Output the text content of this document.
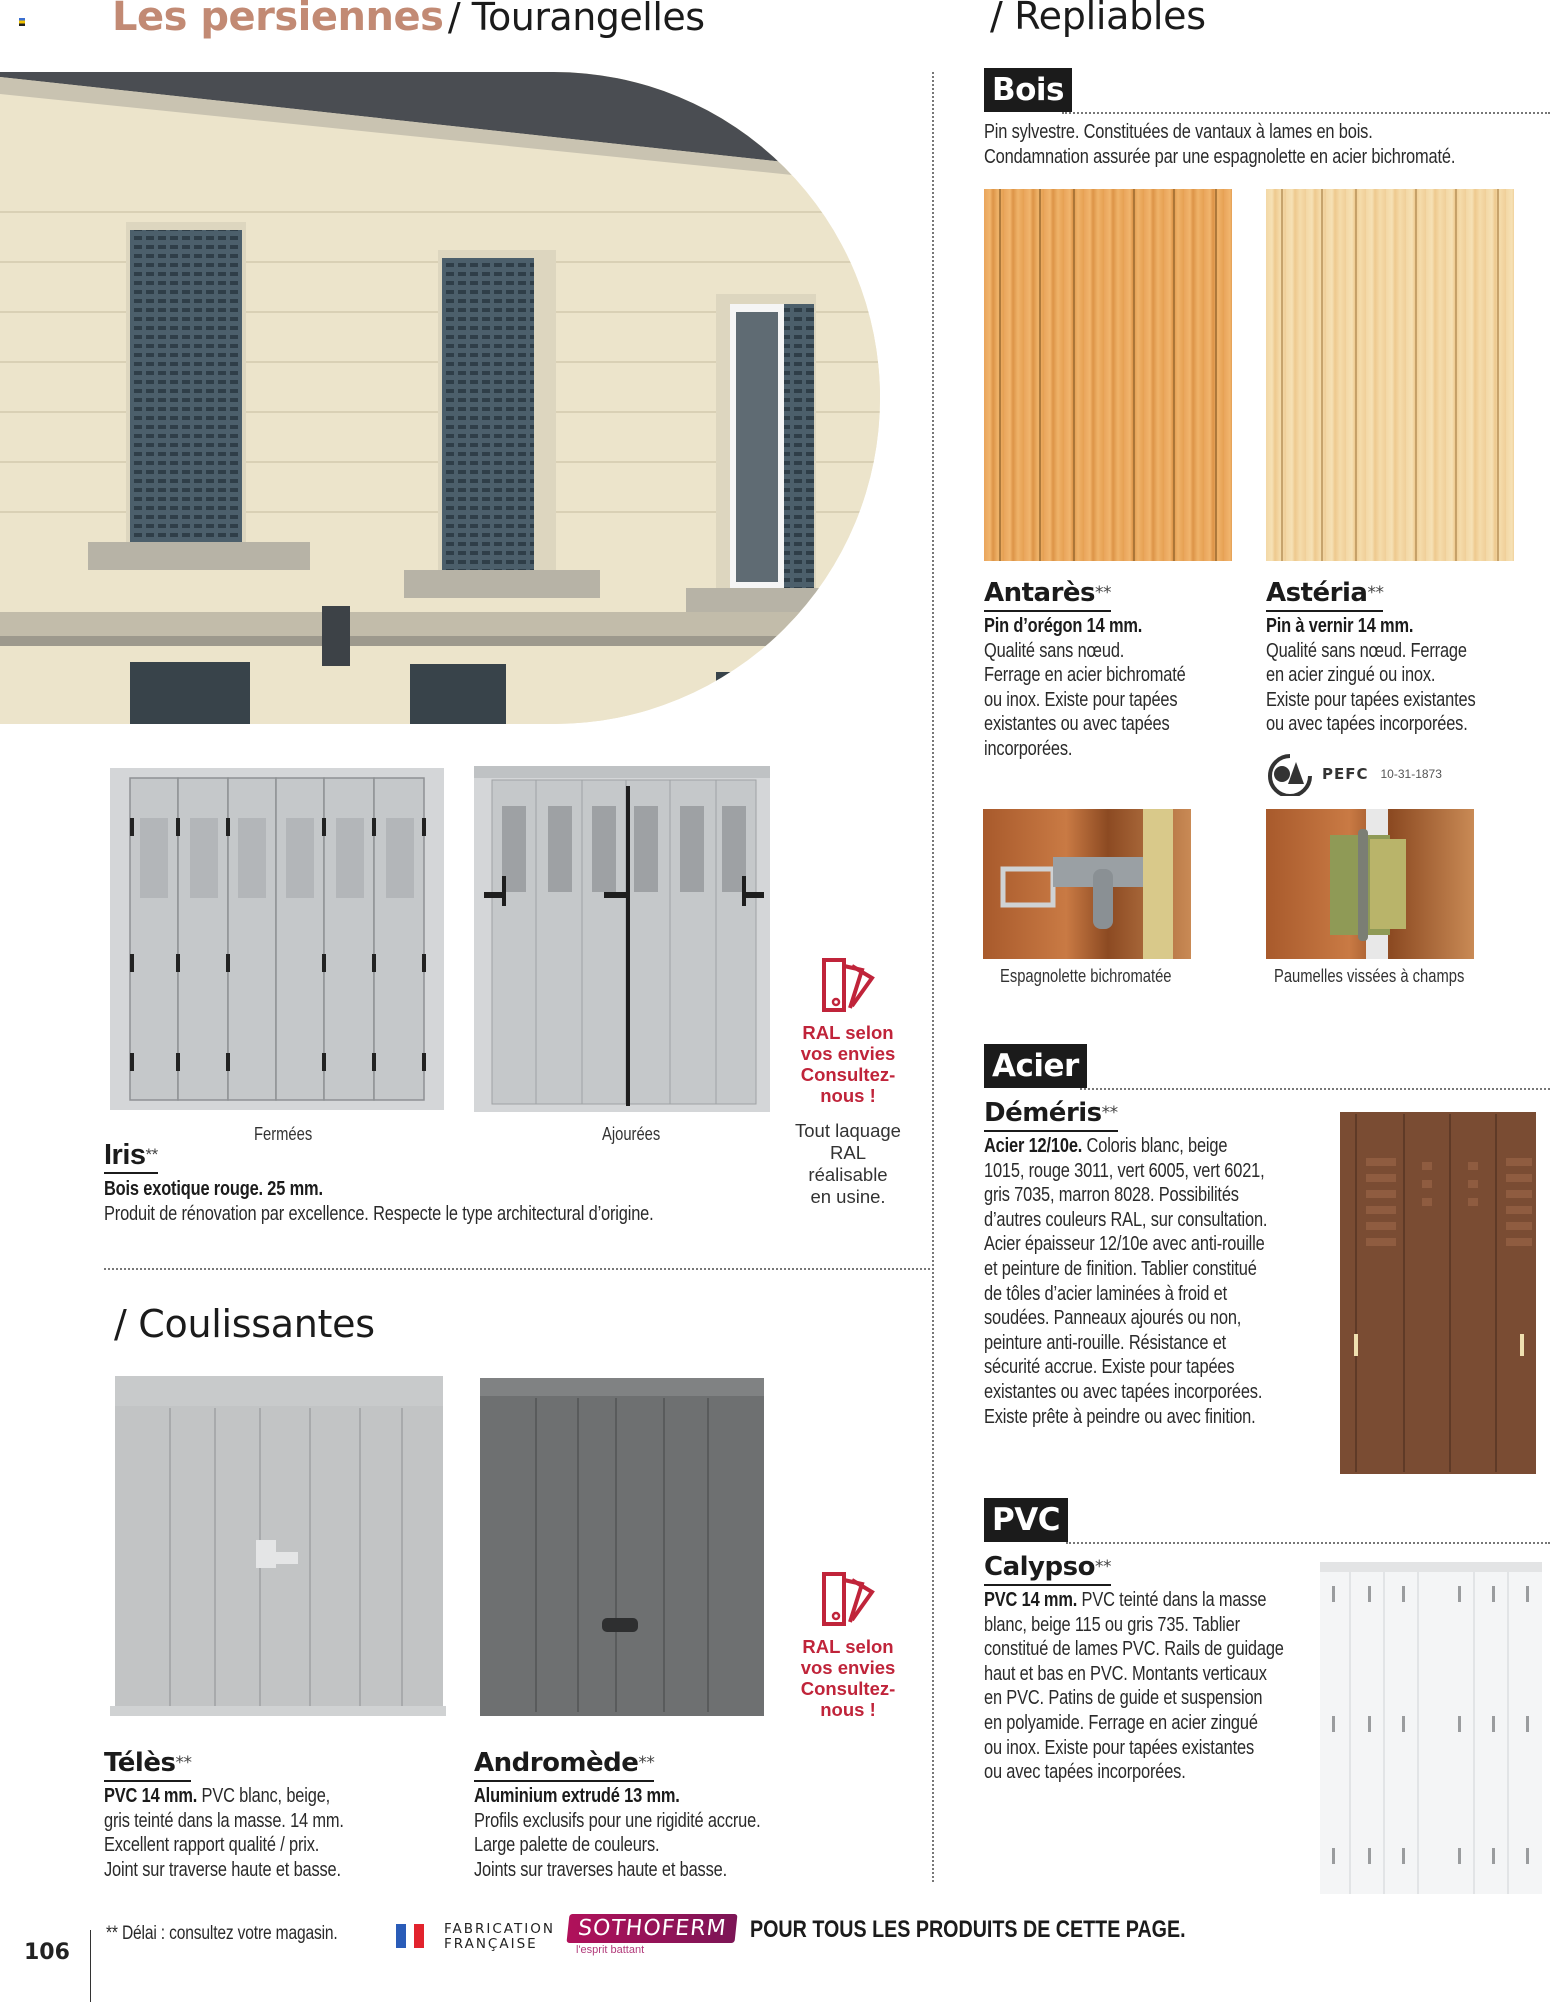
Les persiennes / Tourangelles
Fermées	Ajourées
Iris**
Bois exotique rouge. 25 mm.
Produit de rénovation par excellence. Respecte le type architectural d’origine.
RAL selon
vos envies
Consultez-
nous !
Tout laquage
RAL réalisable
en usine.
/ Coulissantes
Télès**
PVC 14 mm. PVC blanc, beige,
gris teinté dans la masse. 14 mm.
Excellent rapport qualité / prix.
Joint sur traverse haute et basse.
Andromède**
Aluminium extrudé 13 mm.
Profils exclusifs pour une rigidité accrue.
Large palette de couleurs.
Joints sur traverses haute et basse.
RAL selon
vos envies
Consultez-
nous !
/ Repliables
Bois
Pin sylvestre. Constituées de vantaux à lames en bois.
Condamnation assurée par une espagnolette en acier bichromaté.
Antarès**
Pin d’orégon 14 mm.
Qualité sans nœud.
Ferrage en acier bichromaté
ou inox. Existe pour tapées
existantes ou avec tapées
incorporées.
Astéria**
Pin à vernir 14 mm.
Qualité sans nœud. Ferrage
en acier zingué ou inox.
Existe pour tapées existantes
ou avec tapées incorporées.
PEFC 10-31-1873
Espagnolette bichromatée	Paumelles vissées à champs
Acier
Déméris**
Acier 12/10e. Coloris blanc, beige
1015, rouge 3011, vert 6005, vert 6021,
gris 7035, marron 8028. Possibilités
d’autres couleurs RAL, sur consultation.
Acier épaisseur 12/10e avec anti-rouille
et peinture de finition. Tablier constitué
de tôles d’acier laminées à froid et
soudées. Panneaux ajourés ou non,
peinture anti-rouille. Résistance et
sécurité accrue. Existe pour tapées
existantes ou avec tapées incorporées.
Existe prête à peindre ou avec finition.
PVC
Calypso**
PVC 14 mm. PVC teinté dans la masse
blanc, beige 115 ou gris 735. Tablier
constitué de lames PVC. Rails de guidage
haut et bas en PVC. Montants verticaux
en PVC. Patins de guide et suspension
en polyamide. Ferrage en acier zingué
ou inox. Existe pour tapées existantes
ou avec tapées incorporées.
106
** Délai : consultez votre magasin.	FABRICATION
FRANÇAISE
SOTHOFERM
l'esprit battant
POUR TOUS LES PRODUITS DE CETTE PAGE.
